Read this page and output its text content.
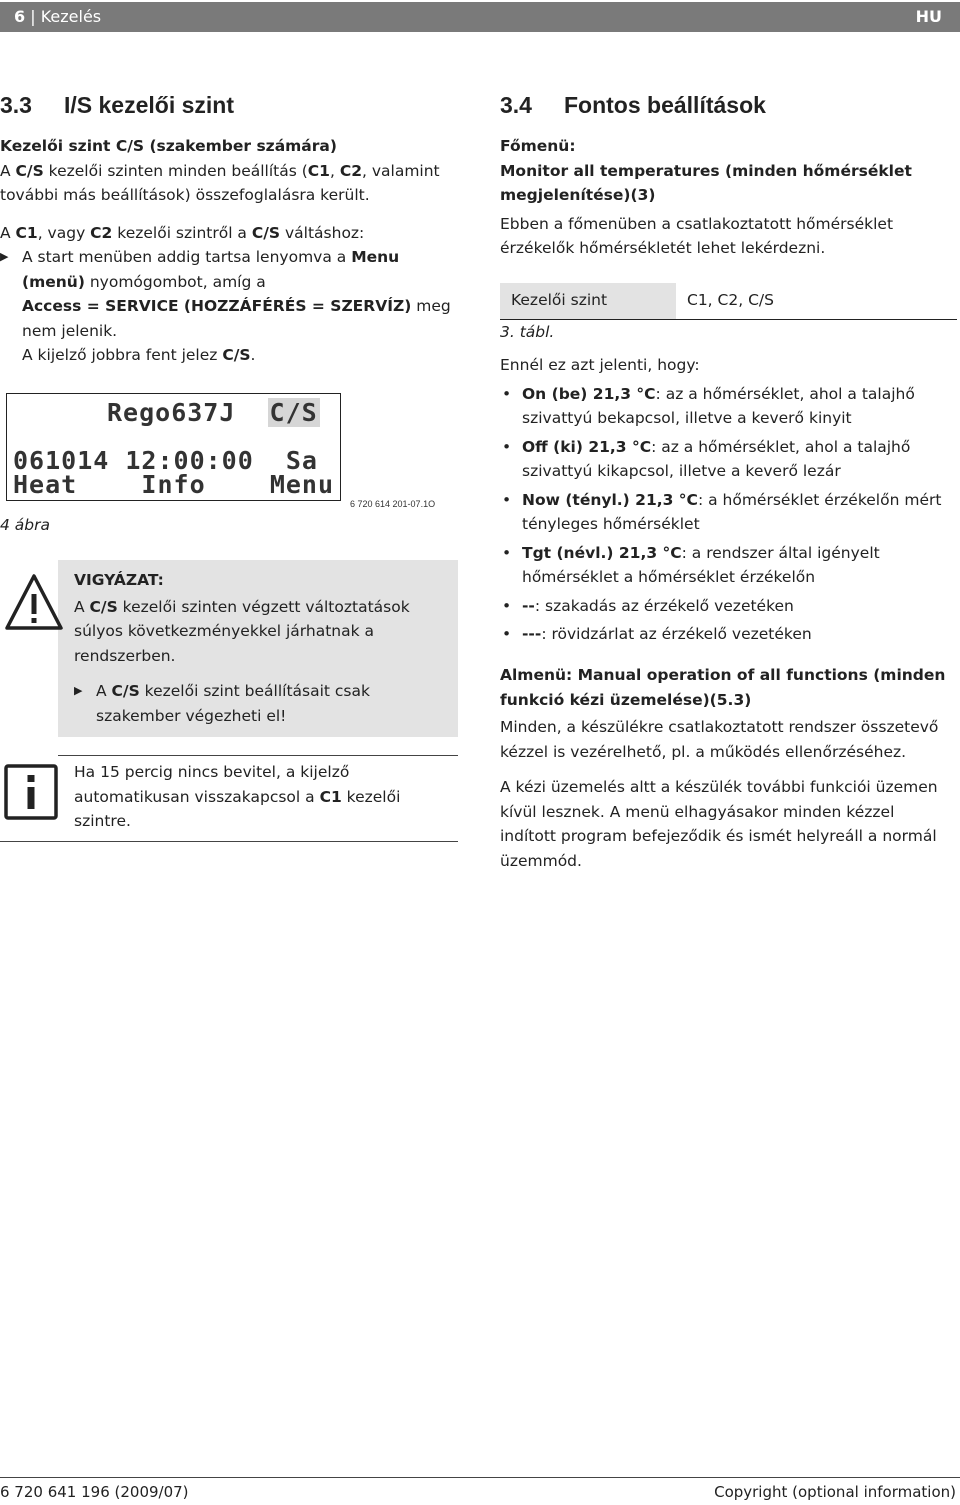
6 | Kezelés	HU
3.3 I/S kezelői szint

Kezelői szint C/S (szakember számára)

A C/S kezelői szinten minden beállítás (C1, C2, valamint
további más beállítások) összefoglalásra került.

A C1, vagy C2 kezelői szintről a C/S váltáshoz:

▶ A start menüben addig tartsa lenyomva a Menu

(menü) nyomógombot, amíg a

Access = SERVICE (HOZZÁFÉRÉS = SZERVÍZ) meg

nem jelenik.

A kijelző jobbra fent jelez C/S.

Rego637J C/S
061014 12:00:00  Sa
Heat    Info    Menu
6 720 614 201-07.1O
4 ábra

VIGYÁZAT:

A C/S kezelői szinten végzett változtatások

súlyos következményekkel járhatnak a

rendszerben.

▶ A C/S kezelői szint beállításait csak

szakember végezheti el!

Ha 15 percig nincs bevitel, a kijelző

automatikusan visszakapcsol a C1 kezelői

szintre.

3.4 Fontos beállítások

Főmenü:

Monitor all temperatures (minden hőmérséklet

megjelenítése)(3)

Ebben a főmenüben a csatlakoztatott hőmérséklet

érzékelők hőmérsékletét lehet lekérdezni.

Kezelői szint	C1, C2, C/S
3. tábl.

Ennél ez azt jelenti, hogy:

• On (be) 21,3 °C: az a hőmérséklet, ahol a talajhő
szivattyú bekapcsol, illetve a keverő kinyit
• Off (ki) 21,3 °C: az a hőmérséklet, ahol a talajhő
szivattyú kikapcsol, illetve a keverő lezár
• Now (tényl.) 21,3 °C: a hőmérséklet érzékelőn mért
tényleges hőmérséklet
• Tgt (névl.) 21,3 °C: a rendszer által igényelt
hőmérséklet a hőmérséklet érzékelőn
• --: szakadás az érzékelő vezetéken
• ---: rövidzárlat az érzékelő vezetéken

Almenü: Manual operation of all functions (minden

funkció kézi üzemelése)(5.3)

Minden, a készülékre csatlakoztatott rendszer összetevő

kézzel is vezérelhető, pl. a működés ellenőrzéséhez.

A kézi üzemelés altt a készülék további funkciói üzemen

kívül lesznek. A menü elhagyásakor minden kézzel

indított program befejeződik és ismét helyreáll a normál

üzemmód.

6 720 641 196 (2009/07)	Copyright (optional information)
